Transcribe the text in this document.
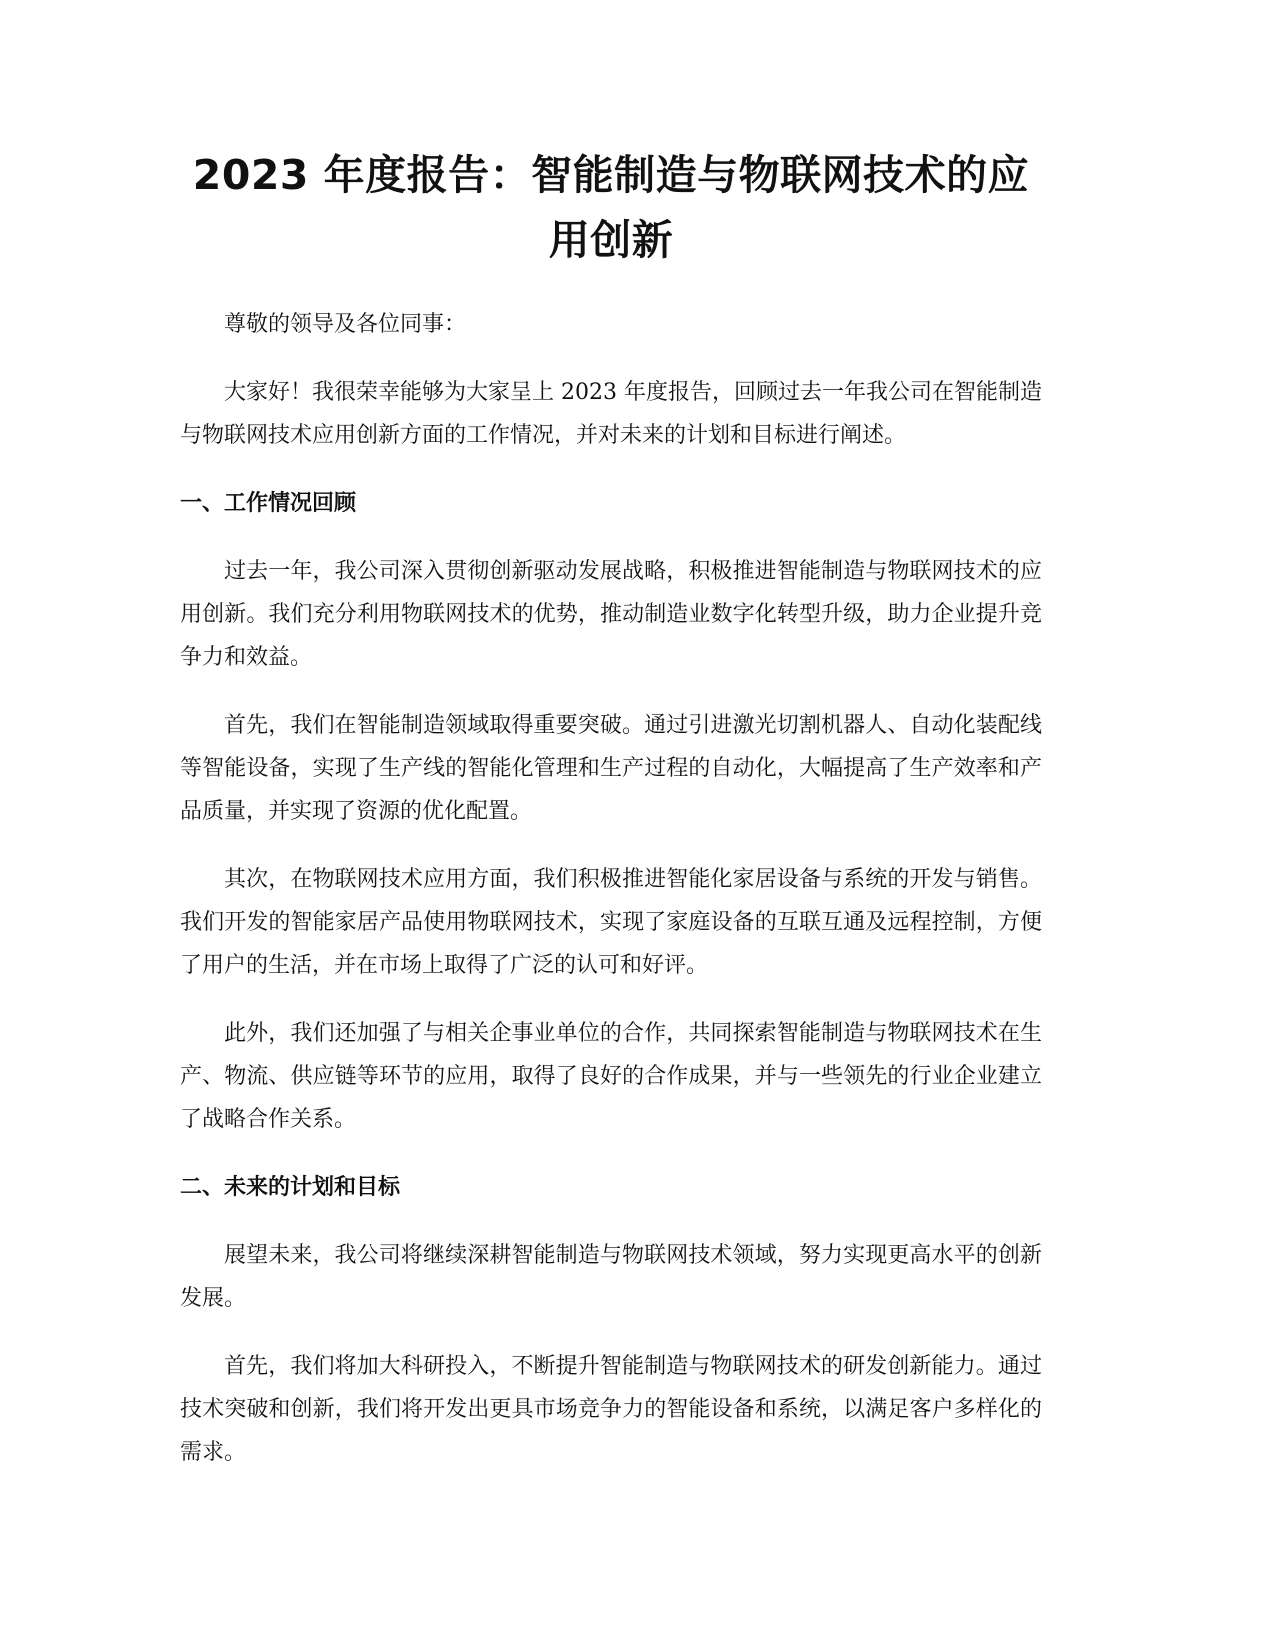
2023 年度报告：智能制造与物联网技术的应
用创新

尊敬的领导及各位同事：

大家好！我很荣幸能够为大家呈上 2023 年度报告，回顾过去一年我公司在智能制造与物联网技术应用创新方面的工作情况，并对未来的计划和目标进行阐述。

一、工作情况回顾

过去一年，我公司深入贯彻创新驱动发展战略，积极推进智能制造与物联网技术的应用创新。我们充分利用物联网技术的优势，推动制造业数字化转型升级，助力企业提升竞争力和效益。

首先，我们在智能制造领域取得重要突破。通过引进激光切割机器人、自动化装配线等智能设备，实现了生产线的智能化管理和生产过程的自动化，大幅提高了生产效率和产品质量，并实现了资源的优化配置。

其次，在物联网技术应用方面，我们积极推进智能化家居设备与系统的开发与销售。我们开发的智能家居产品使用物联网技术，实现了家庭设备的互联互通及远程控制，方便了用户的生活，并在市场上取得了广泛的认可和好评。

此外，我们还加强了与相关企事业单位的合作，共同探索智能制造与物联网技术在生产、物流、供应链等环节的应用，取得了良好的合作成果，并与一些领先的行业企业建立了战略合作关系。

二、未来的计划和目标

展望未来，我公司将继续深耕智能制造与物联网技术领域，努力实现更高水平的创新发展。

首先，我们将加大科研投入，不断提升智能制造与物联网技术的研发创新能力。通过技术突破和创新，我们将开发出更具市场竞争力的智能设备和系统，以满足客户多样化的需求。
